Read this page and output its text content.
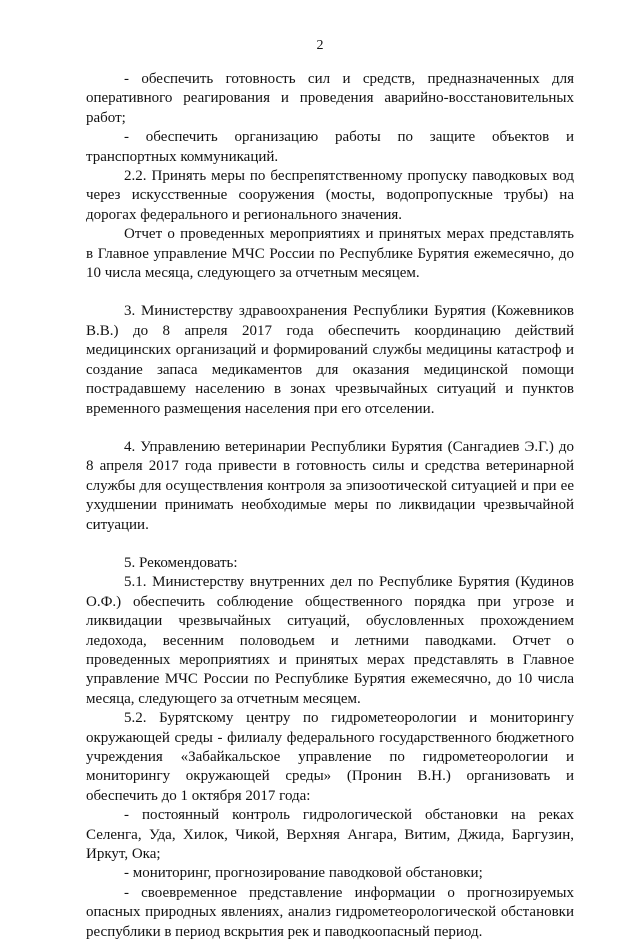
2

- обеспечить готовность сил и средств, предназначенных для оперативного реагирования и проведения аварийно-восстановительных работ;

- обеспечить организацию работы по защите объектов и транспортных коммуникаций.

2.2. Принять меры по беспрепятственному пропуску паводковых вод через искусственные сооружения (мосты, водопропускные трубы) на дорогах федерального и регионального значения.

Отчет о проведенных мероприятиях и принятых мерах представлять в Главное управление МЧС России по Республике Бурятия ежемесячно, до 10 числа месяца, следующего за отчетным месяцем.

3. Министерству здравоохранения Республики Бурятия (Кожевников В.В.) до 8 апреля 2017 года обеспечить координацию действий медицинских организаций и формирований службы медицины катастроф и создание запаса медикаментов для оказания медицинской помощи пострадавшему населению в зонах чрезвычайных ситуаций и пунктов временного размещения населения при его отселении.

4. Управлению ветеринарии Республики Бурятия (Сангадиев Э.Г.) до 8 апреля 2017 года привести в готовность силы и средства ветеринарной службы для осуществления контроля за эпизоотической ситуацией и при ее ухудшении принимать необходимые меры по ликвидации чрезвычайной ситуации.

5. Рекомендовать:

5.1. Министерству внутренних дел по Республике Бурятия (Кудинов О.Ф.) обеспечить соблюдение общественного порядка при угрозе и ликвидации чрезвычайных ситуаций, обусловленных прохождением ледохода, весенним половодьем и летними паводками. Отчет о проведенных мероприятиях и принятых мерах представлять в Главное управление МЧС России по Республике Бурятия ежемесячно, до 10 числа месяца, следующего за отчетным месяцем.

5.2. Бурятскому центру по гидрометеорологии и мониторингу окружающей среды - филиалу федерального государственного бюджетного учреждения «Забайкальское управление по гидрометеорологии и мониторингу окружающей среды» (Пронин В.Н.) организовать и обеспечить до 1 октября 2017 года:

- постоянный контроль гидрологической обстановки на реках Селенга, Уда, Хилок, Чикой, Верхняя Ангара, Витим, Джида, Баргузин, Иркут, Ока;

- мониторинг, прогнозирование паводковой обстановки;

- своевременное представление информации о прогнозируемых опасных природных явлениях, анализ гидрометеорологической обстановки республики в период вскрытия рек и паводкоопасный период.
